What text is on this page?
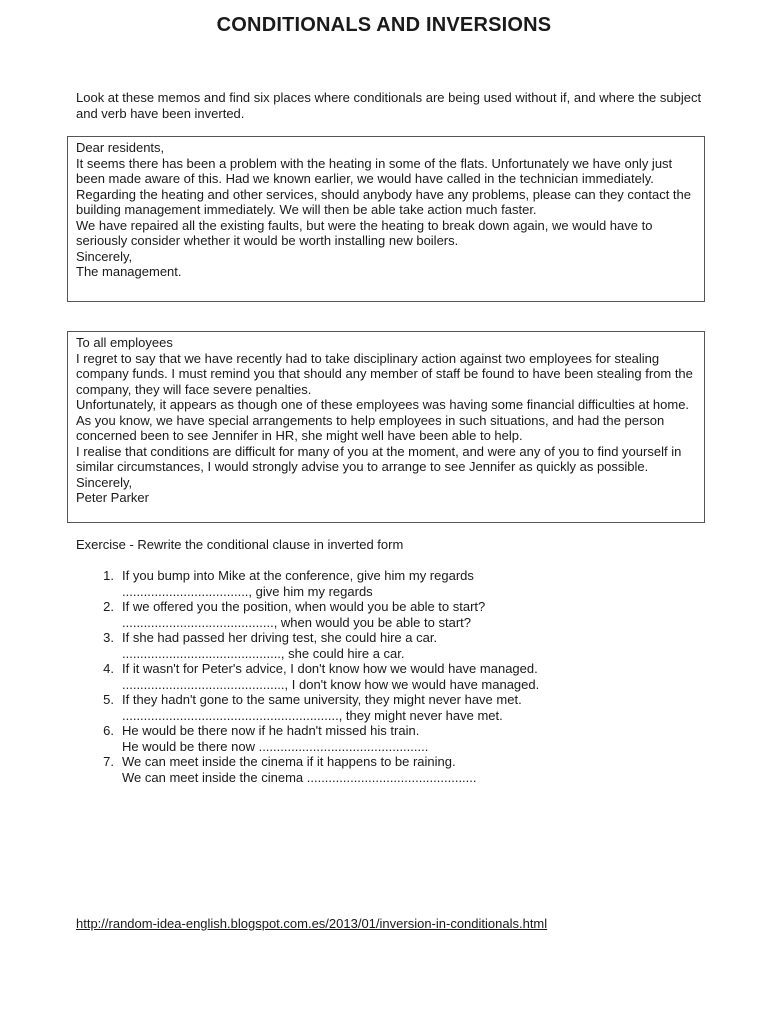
CONDITIONALS AND INVERSIONS
Look at these memos and find six places where conditionals are being used without if, and where the subject and verb have been inverted.

Dear residents,

It seems there has been a problem with the heating in some of the flats. Unfortunately we have only just been made aware of this. Had we known earlier, we would have called in the technician immediately.

Regarding the heating and other services, should anybody have any problems, please can they contact the building management immediately. We will then be able take action much faster.

We have repaired all the existing faults, but were the heating to break down again, we would have to seriously consider whether it would be worth installing new boilers.

Sincerely,

The management.

To all employees

I regret to say that we have recently had to take disciplinary action against two employees for stealing company funds. I must remind you that should any member of staff be found to have been stealing from the company, they will face severe penalties.

Unfortunately, it appears as though one of these employees was having some financial difficulties at home. As you know, we have special arrangements to help employees in such situations, and had the person concerned been to see Jennifer in HR, she might well have been able to help.

I realise that conditions are difficult for many of you at the moment, and were any of you to find yourself in similar circumstances, I would strongly advise you to arrange to see Jennifer as quickly as possible.

Sincerely,

Peter Parker

Exercise - Rewrite the conditional clause in inverted form
1. If you bump into Mike at the conference, give him my regards
..................................., give him my regards
2. If we offered you the position, when would you be able to start?
.........................................., when would you be able to start?
3. If she had passed her driving test, she could hire a car.
............................................, she could hire a car.
4. If it wasn't for Peter's advice, I don't know how we would have managed.
............................................., I don't know how we would have managed.
5. If they hadn't gone to the same university, they might never have met.
............................................................, they might never have met.
6. He would be there now if he hadn't missed his train.
He would be there now ...............................................
7. We can meet inside the cinema if it happens to be raining.
We can meet inside the cinema ...............................................
http://random-idea-english.blogspot.com.es/2013/01/inversion-in-conditionals.html
